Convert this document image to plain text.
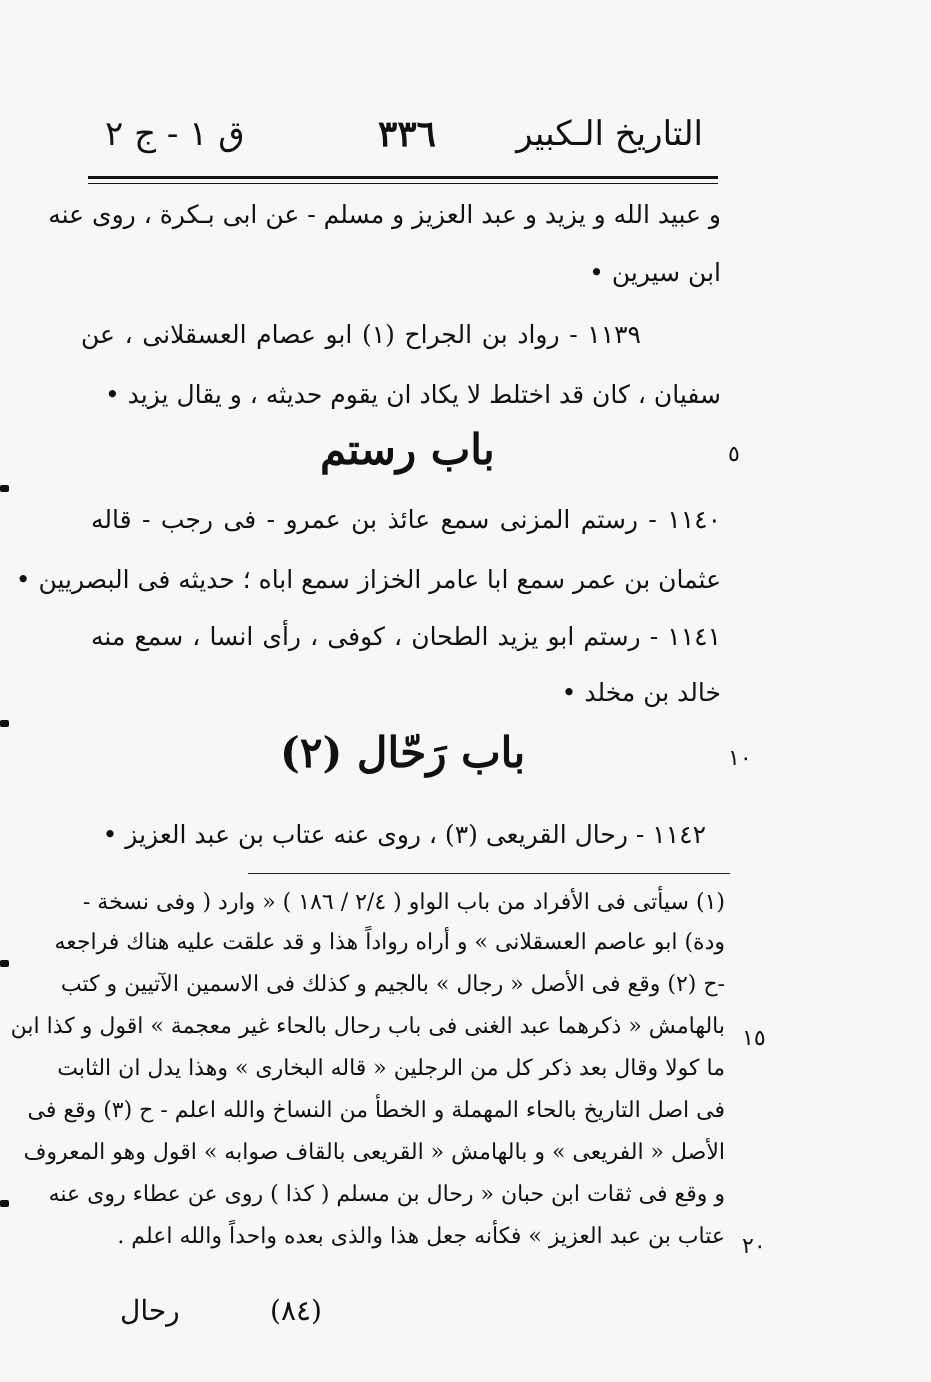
التاريخ الـكبير
٣٣٦
ق ١ - ج ٢
و عبيد الله و يزيد و عبد العزيز و مسلم - عن ابى بـكرة ، روى عنه
ابن سيرين •
١١٣٩ - رواد بن الجراح (١) ابو عصام العسقلانى ، عن
سفيان ، كان قد اختلط لا يكاد ان يقوم حديثه ، و يقال يزيد •
باب رستم	٥
١١٤٠ - رستم المزنى سمع عائذ بن عمرو - فى رجب - قاله
عثمان بن عمر سمع ابا عامر الخزاز سمع اباه ؛ حديثه فى البصريين •
١١٤١ - رستم ابو يزيد الطحان ، كوفى ، رأى انسا ، سمع منه
خالد بن مخلد •
باب رَحّال (٢)	١٠
١١٤٢ - رحال القريعى (٣) ، روى عنه عتاب بن عبد العزيز •
(١) سيأتى فى الأفراد من باب الواو ( ٢/٤ / ١٨٦ ) « وارد ( وفى نسخة -
ودة) ابو عاصم العسقلانى » و أراه رواداً هذا و قد علقت عليه هناك فراجعه
-ح (٢) وقع فى الأصل « رجال » بالجيم و كذلك فى الاسمين الآتيين و كتب
بالهامش « ذكرهما عبد الغنى فى باب رحال بالحاء غير معجمة » اقول و كذا ابن ١٥
ما كولا وقال بعد ذكر كل من الرجلين « قاله البخارى » وهذا يدل ان الثابت
فى اصل التاريخ بالحاء المهملة و الخطأ من النساخ والله اعلم - ح (٣) وقع فى
الأصل « الفريعى » و بالهامش « القريعى بالقاف صوابه » اقول وهو المعروف
و وقع فى ثقات ابن حبان « رحال بن مسلم ( كذا ) روى عن عطاء روى عنه
عتاب بن عبد العزيز » فكأنه جعل هذا والذى بعده واحداً والله اعلم . ٢٠
(٨٤)
رحال
